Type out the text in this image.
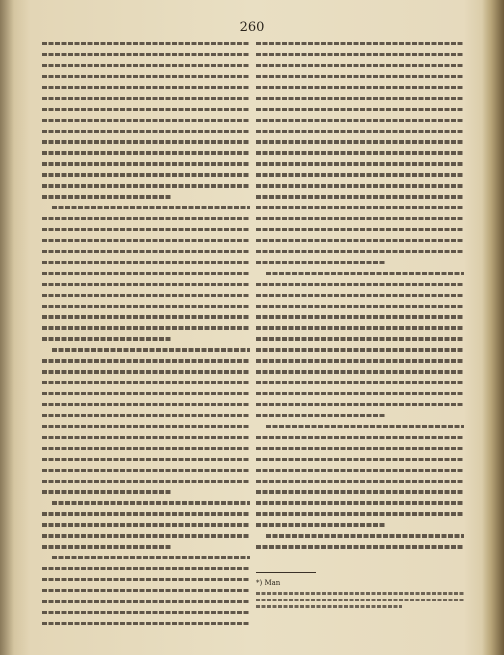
260
*) Man
